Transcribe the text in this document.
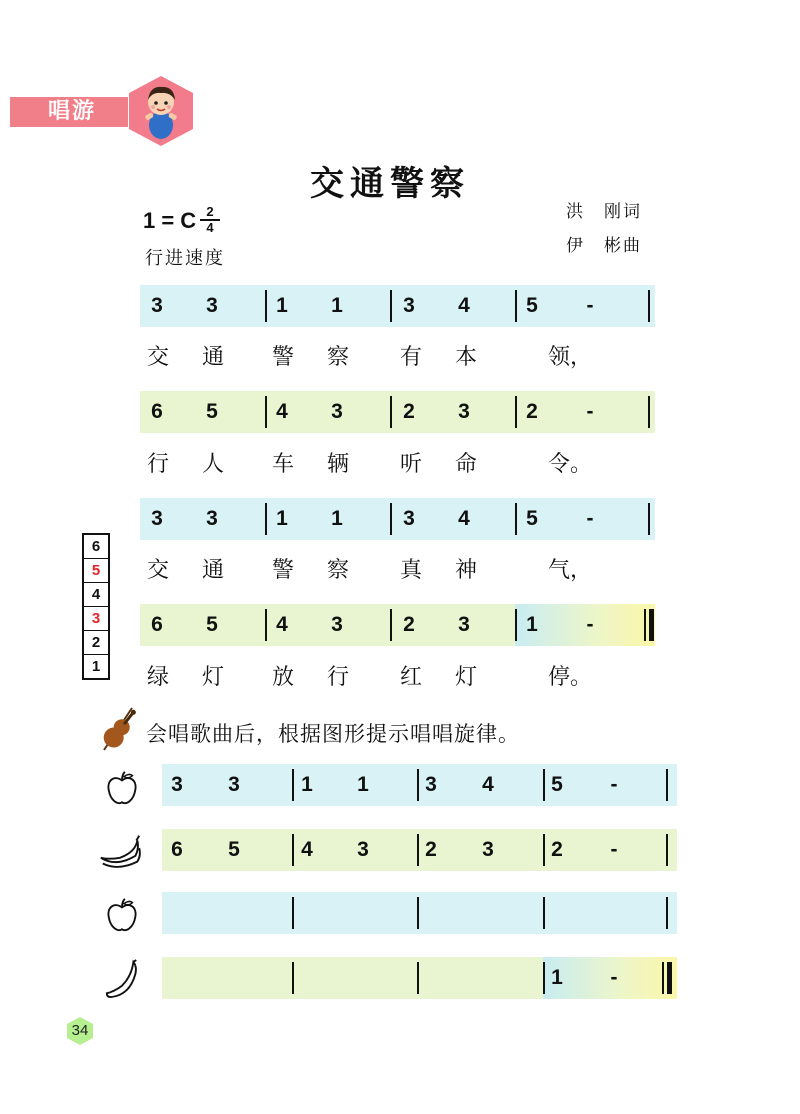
唱游
交通警察
1 = C 2
4
行进速度
洪　刚词
伊　彬曲
3 3	1 1	3 4	5	-
交 通 警 察 有 本	领，
6 5	4 3	2 3	2	-
行 人 车 辆 听 命	令。
3 3	1 1	3 4	5	-
交 通 警 察 真 神	气，
6 5	4 3	2 3	1	-
绿 灯 放 行 红 灯	停。
6
5
4
3
2
1
会唱歌曲后，根据图形提示唱唱旋律。
3 3	1 1	3 4	5	-
6 5	4 3	2 3	2	-
1	-
34
